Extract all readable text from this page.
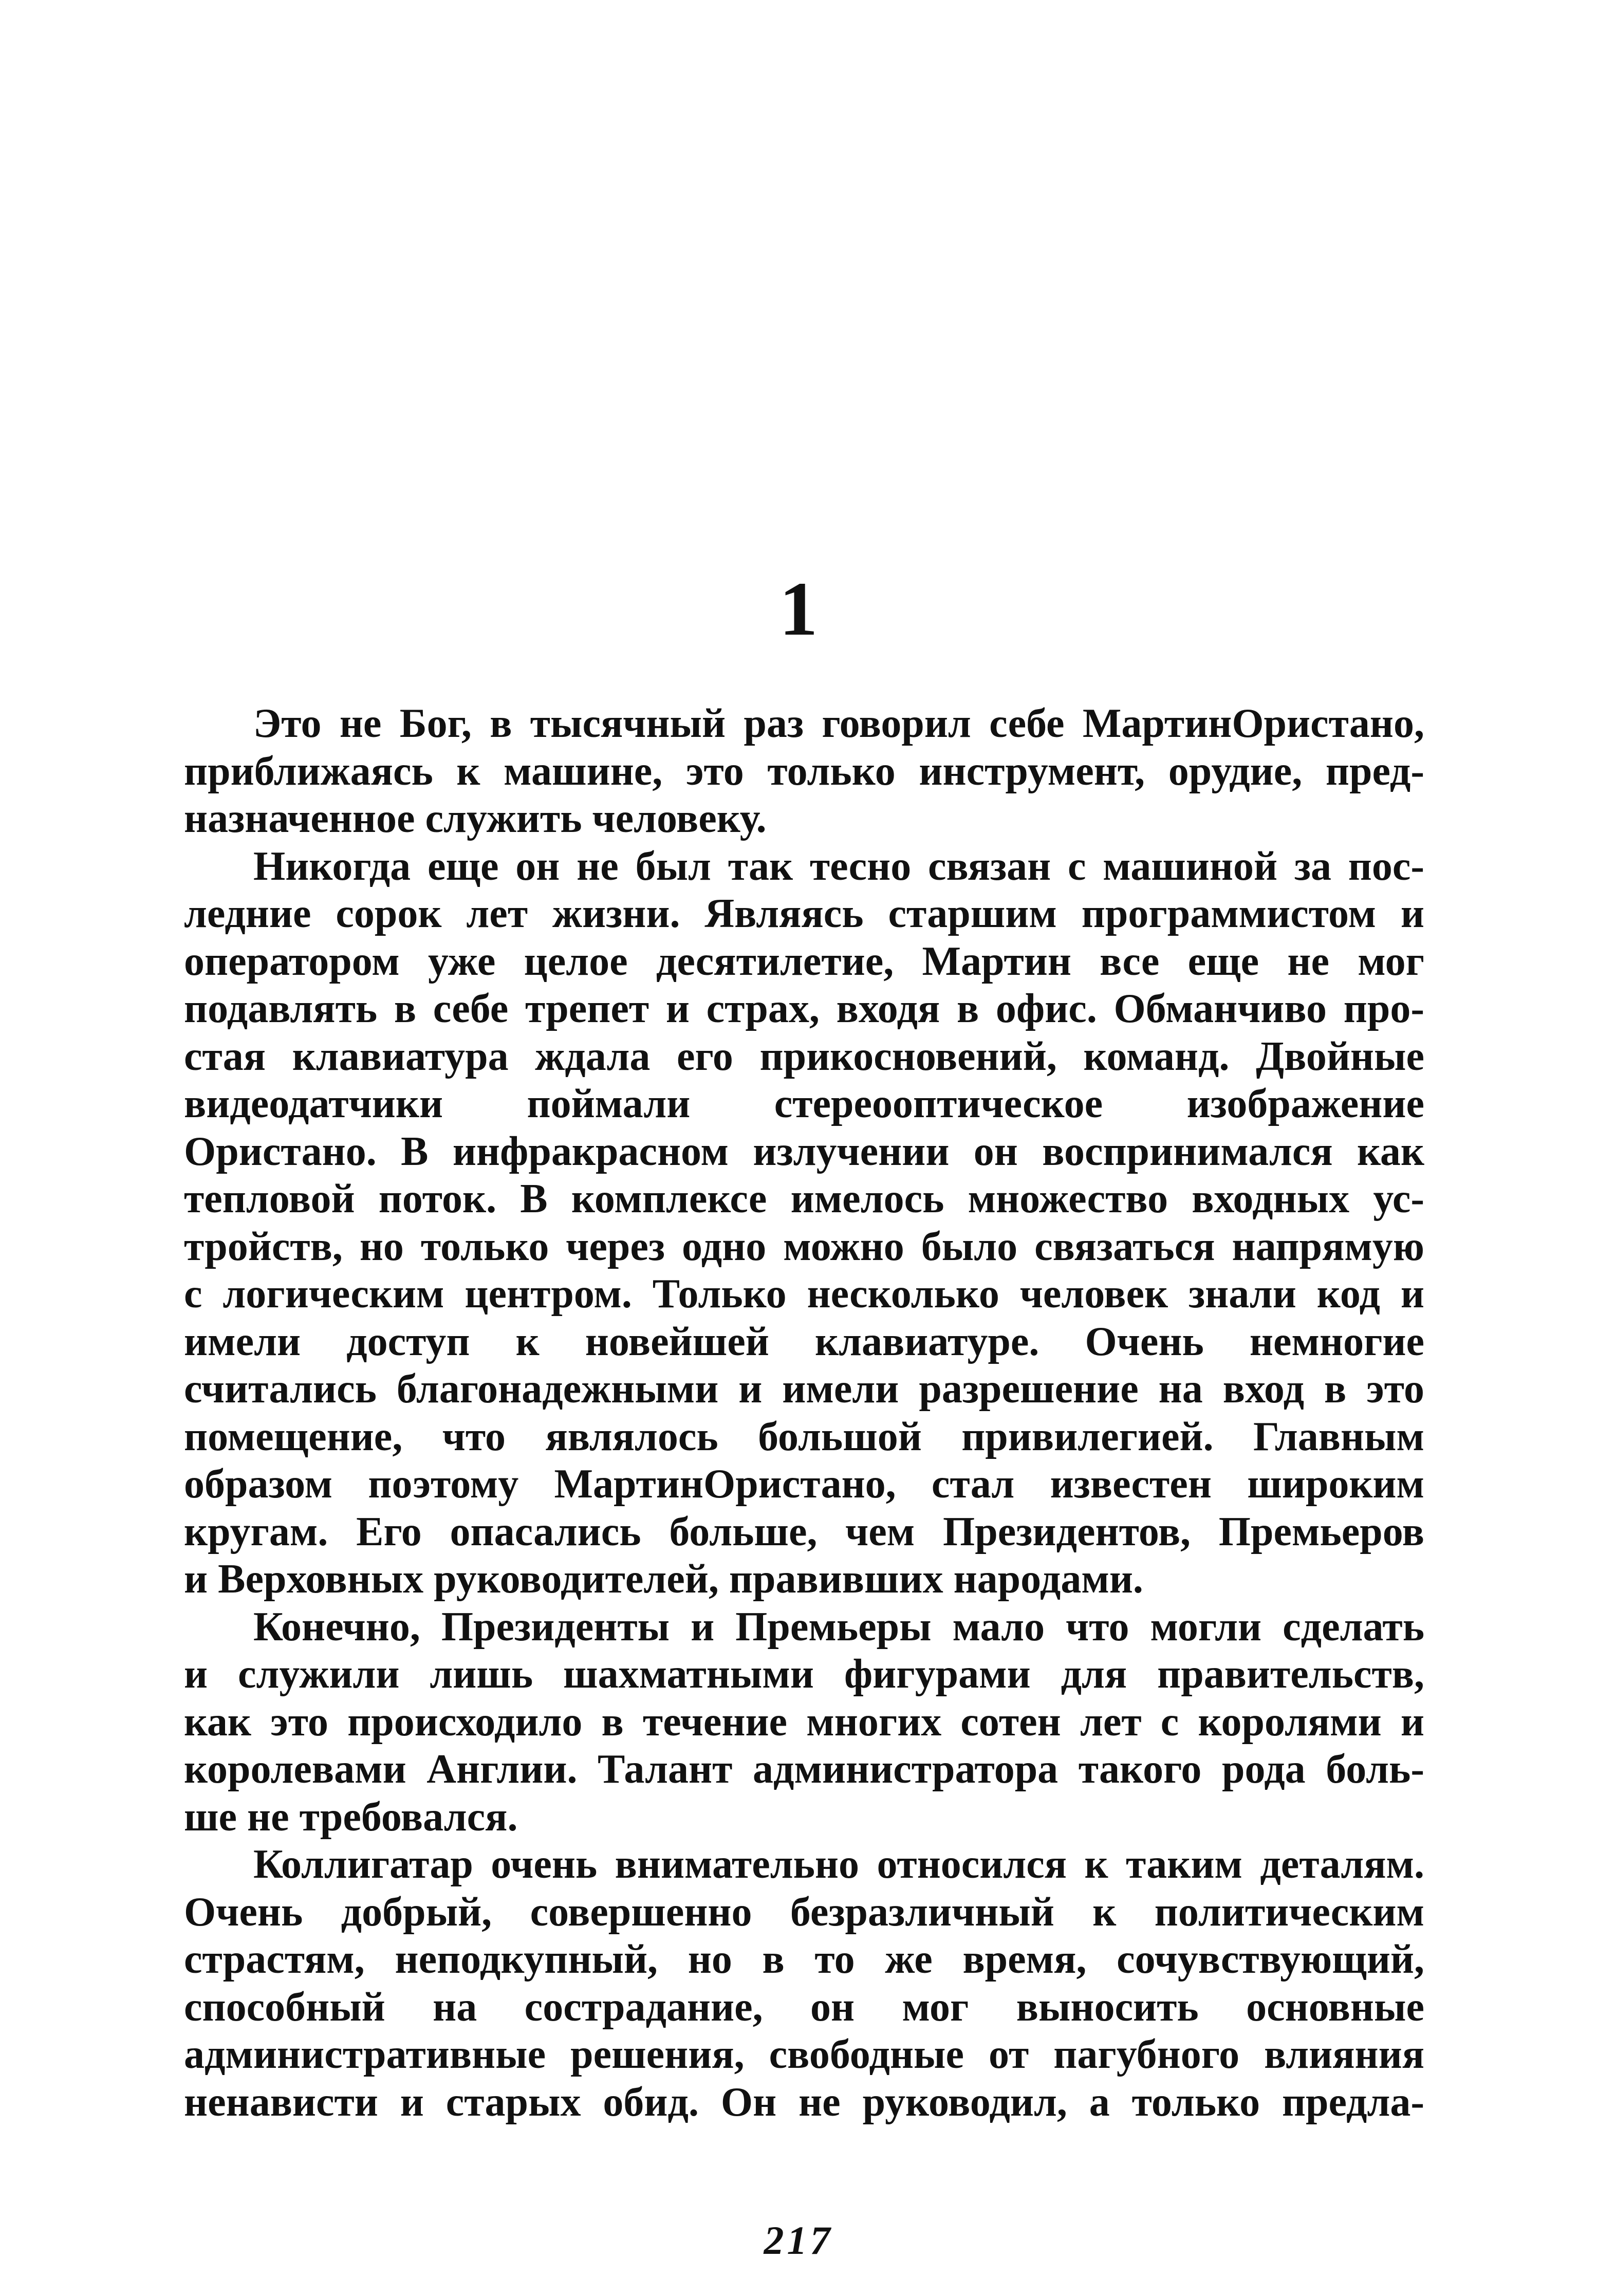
1
Это не Бог, в тысячный раз говорил себе МартинОристано,
приближаясь к машине, это только инструмент, орудие, пред-
назначенное служить человеку.
Никогда еще он не был так тесно связан с машиной за пос-
ледние сорок лет жизни. Являясь старшим программистом и
оператором уже целое десятилетие, Мартин все еще не мог
подавлять в себе трепет и страх, входя в офис. Обманчиво про-
стая клавиатура ждала его прикосновений, команд. Двойные
видеодатчики поймали стереооптическое изображение
Ористано. В инфракрасном излучении он воспринимался как
тепловой поток. В комплексе имелось множество входных ус-
тройств, но только через одно можно было связаться напрямую
с логическим центром. Только несколько человек знали код и
имели доступ к новейшей клавиатуре. Очень немногие
считались благонадежными и имели разрешение на вход в это
помещение, что являлось большой привилегией. Главным
образом поэтому МартинОристано, стал известен широким
кругам. Его опасались больше, чем Президентов, Премьеров
и Верховных руководителей, правивших народами.
Конечно, Президенты и Премьеры мало что могли сделать
и служили лишь шахматными фигурами для правительств,
как это происходило в течение многих сотен лет с королями и
королевами Англии. Талант администратора такого рода боль-
ше не требовался.
Коллигатар очень внимательно относился к таким деталям.
Очень добрый, совершенно безразличный к политическим
страстям, неподкупный, но в то же время, сочувствующий,
способный на сострадание, он мог выносить основные
административные решения, свободные от пагубного влияния
ненависти и старых обид. Он не руководил, а только предла-
217
